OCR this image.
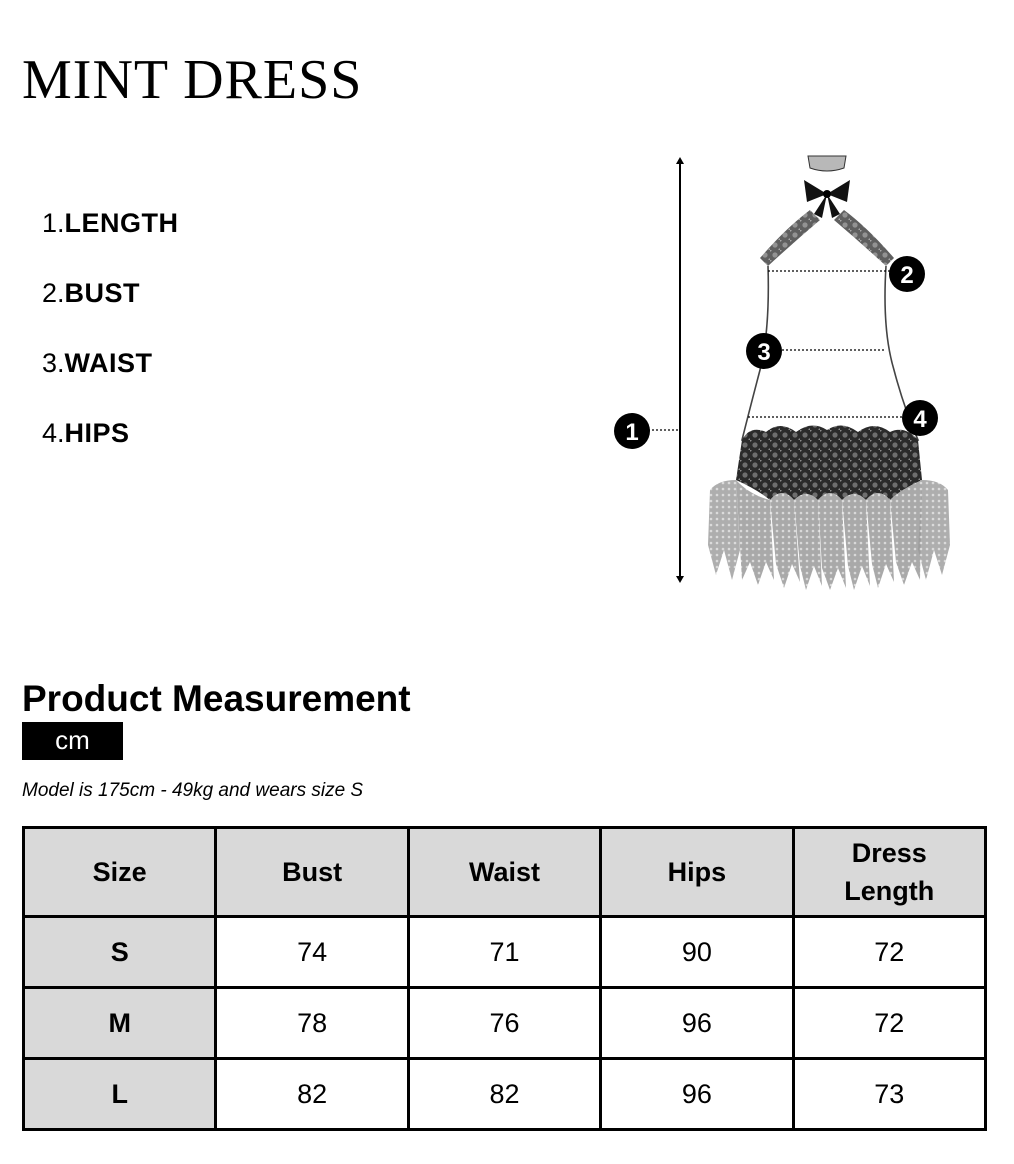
MINT DRESS
1.LENGTH
2.BUST
3.WAIST
4.HIPS	1
2
3
4
Product Measurement
cm
Model is 175cm - 49kg and wears size S
Size	Bust	Waist	Hips	Dress Length
S	74	71	90	72
M	78	76	96	72
L	82	82	96	73
